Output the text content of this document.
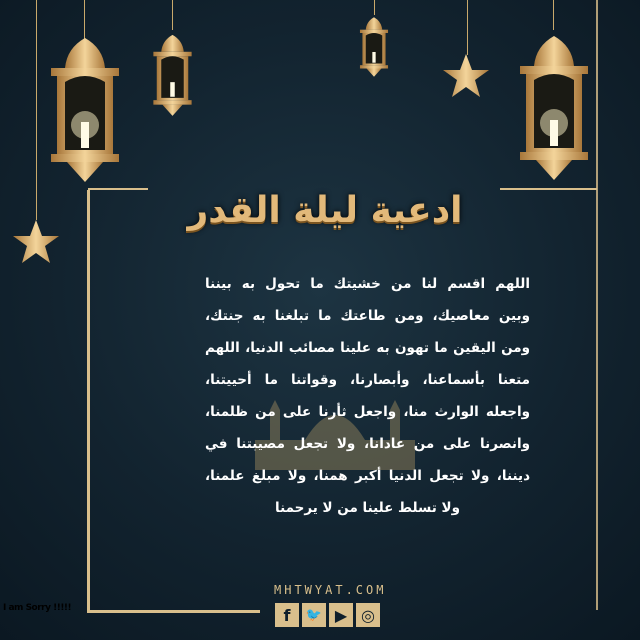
ادعية ليلة القدر
اللهم اقسم لنا من خشيتك ما تحول به بيننا
وبين معاصيك، ومن طاعتك ما تبلغنا به جنتك،
ومن اليقين ما تهون به علينا مصائب الدنيا، اللهم
متعنا بأسماعنا، وأبصارنا، وقواتنا ما أحييتنا،
واجعله الوارث منا، واجعل ثأرنا على من ظلمنا،
وانصرنا على من عادانا، ولا تجعل مصيبتنا في
ديننا، ولا تجعل الدنيا أكبر همنا، ولا مبلغ علمنا،
ولا تسلط علينا من لا يرحمنا
MHTWYAT.COM
f	🐦 ▶ ◎
I am Sorry !!!!!
